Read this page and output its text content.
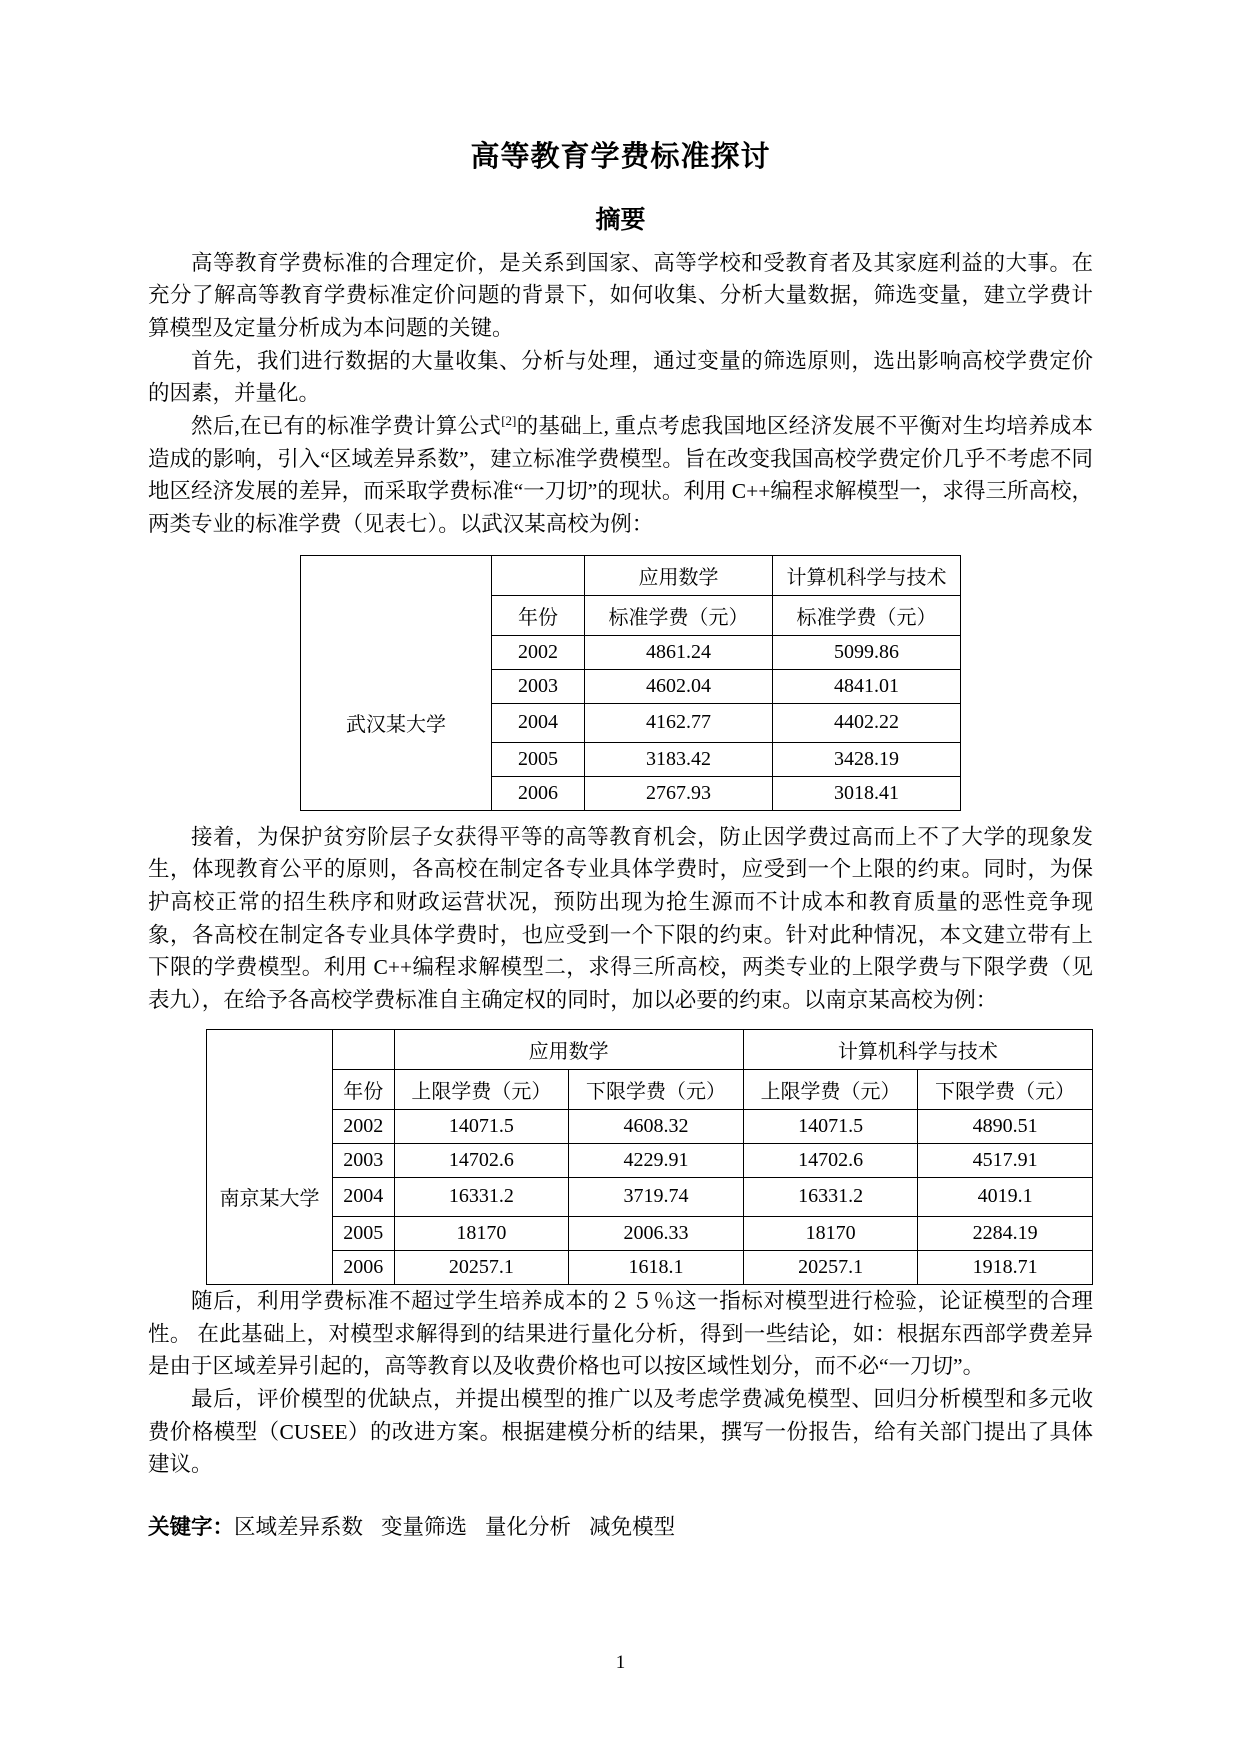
高等教育学费标准探讨
摘要

高等教育学费标准的合理定价，是关系到国家、高等学校和受教育者及其家庭利益的大事。在充分了解高等教育学费标准定价问题的背景下，如何收集、分析大量数据，筛选变量，建立学费计算模型及定量分析成为本问题的关键。

首先，我们进行数据的大量收集、分析与处理，通过变量的筛选原则，选出影响高校学费定价的因素，并量化。

然后,在已有的标准学费计算公式[2]的基础上, 重点考虑我国地区经济发展不平衡对生均培养成本造成的影响，引入“区域差异系数”，建立标准学费模型。旨在改变我国高校学费定价几乎不考虑不同地区经济发展的差异，而采取学费标准“一刀切”的现状。利用 C++编程求解模型一，求得三所高校，两类专业的标准学费（见表七）。以武汉某高校为例：

		应用数学	计算机科学与技术
	年份	标准学费（元）	标准学费（元）
	2002	4861.24	5099.86
	2003	4602.04	4841.01
武汉某大学	2004	4162.77	4402.22
	2005	3183.42	3428.19
	2006	2767.93	3018.41

接着，为保护贫穷阶层子女获得平等的高等教育机会，防止因学费过高而上不了大学的现象发生，体现教育公平的原则，各高校在制定各专业具体学费时，应受到一个上限的约束。同时，为保护高校正常的招生秩序和财政运营状况，预防出现为抢生源而不计成本和教育质量的恶性竞争现象，各高校在制定各专业具体学费时，也应受到一个下限的约束。针对此种情况，本文建立带有上下限的学费模型。利用 C++编程求解模型二，求得三所高校，两类专业的上限学费与下限学费（见表九），在给予各高校学费标准自主确定权的同时，加以必要的约束。以南京某高校为例：

		应用数学		计算机科学与技术	
	年份	上限学费（元）	下限学费（元）	上限学费（元）	下限学费（元）
	2002	14071.5	4608.32	14071.5	4890.51
	2003	14702.6	4229.91	14702.6	4517.91
南京某大学	2004	16331.2	3719.74	16331.2	4019.1
	2005	18170	2006.33	18170	2284.19
	2006	20257.1	1618.1	20257.1	1918.71

随后，利用学费标准不超过学生培养成本的２５％这一指标对模型进行检验，论证模型的合理性。 在此基础上，对模型求解得到的结果进行量化分析，得到一些结论，如：根据东西部学费差异是由于区域差异引起的，高等教育以及收费价格也可以按区域性划分，而不必“一刀切”。

最后，评价模型的优缺点，并提出模型的推广以及考虑学费减免模型、回归分析模型和多元收费价格模型（CUSEE）的改进方案。根据建模分析的结果，撰写一份报告，给有关部门提出了具体建议。

关键字：区域差异系数 变量筛选 量化分析 减免模型

1
